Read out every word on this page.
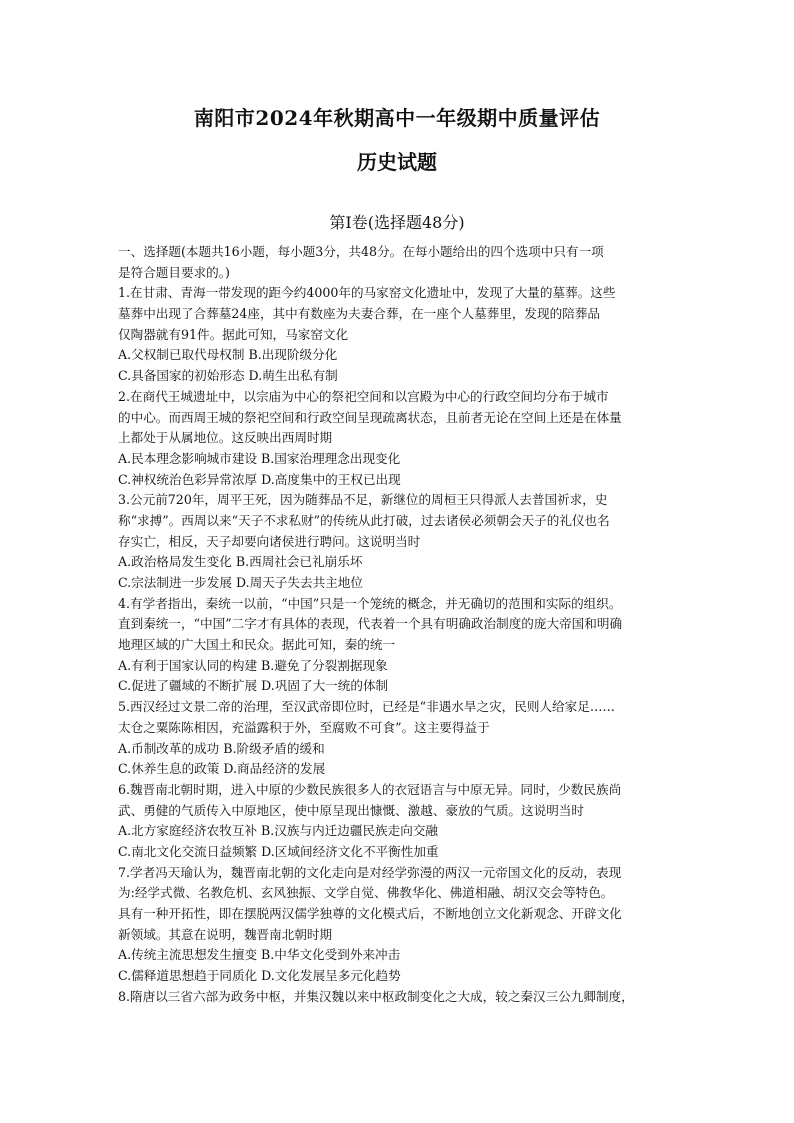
南阳市2024年秋期高中一年级期中质量评估
历史试题
第I卷(选择题48分)
一、选择题(本题共16小题，每小题3分，共48分。在每小题给出的四个选项中只有一项
是符合题目要求的。)
1.在甘肃、青海一带发现的距今约4000年的马家窑文化遗址中，发现了大量的墓葬。这些
墓葬中出现了合葬墓24座，其中有数座为夫妻合葬，在一座个人墓葬里，发现的陪葬品
仅陶器就有91件。据此可知，马家窑文化
A.父权制已取代母权制 B.出现阶级分化
C.具备国家的初始形态 D.萌生出私有制
2.在商代王城遗址中，以宗庙为中心的祭祀空间和以宫殿为中心的行政空间均分布于城市
的中心。而西周王城的祭祀空间和行政空间呈现疏离状态，且前者无论在空间上还是在体量
上都处于从属地位。这反映出西周时期
A.民本理念影响城市建设 B.国家治理理念出现变化
C.神权统治色彩异常浓厚 D.高度集中的王权已出现
3.公元前720年，周平王死，因为随葬品不足，新继位的周桓王只得派人去普国祈求，史
称“求搏”。西周以来“天子不求私财”的传统从此打破，过去诸侯必须朝会天子的礼仪也名
存实亡，相反，天子却要向诸侯进行聘问。这说明当时
A.政治格局发生变化 B.西周社会已礼崩乐坏
C.宗法制进一步发展 D.周天子失去共主地位
4.有学者指出，秦统一以前，“中国”只是一个笼统的概念，并无确切的范围和实际的组织。
直到秦统一，“中国”二字才有具体的表现，代表着一个具有明确政治制度的庞大帝国和明确
地理区域的广大国土和民众。据此可知，秦的统一
A.有利于国家认同的构建 B.避免了分裂割据现象
C.促进了疆域的不断扩展 D.巩固了大一统的体制
5.西汉经过文景二帝的治理，至汉武帝即位时，已经是“非遇水旱之灾，民则人给家足……
太仓之粟陈陈相因，充溢露积于外，至腐败不可食”。这主要得益于
A.币制改革的成功 B.阶级矛盾的缓和
C.休养生息的政策 D.商品经济的发展
6.魏晋南北朝时期，进入中原的少数民族很多人的衣冠语言与中原无异。同时，少数民族尚
武、勇健的气质传入中原地区，使中原呈现出慷慨、激越、豪放的气质。这说明当时
A.北方家庭经济农牧互补 B.汉族与内迁边疆民族走向交融
C.南北文化交流日益频繁 D.区域间经济文化不平衡性加重
7.学者冯天瑜认为，魏晋南北朝的文化走向是对经学弥漫的两汉一元帝国文化的反动，表现
为:经学式微、名教危机、玄风独振、文学自觉、佛教华化、佛道相融、胡汉交会等特色。
具有一种开拓性，即在摆脱两汉儒学独尊的文化模式后，不断地创立文化新观念、开辟文化
新领域。其意在说明，魏晋南北朝时期
A.传统主流思想发生擅变 B.中华文化受到外来冲击
C.儒释道思想趋于同质化 D.文化发展呈多元化趋势
8.隋唐以三省六部为政务中枢，并集汉魏以来中枢政制变化之大成，较之秦汉三公九卿制度，
